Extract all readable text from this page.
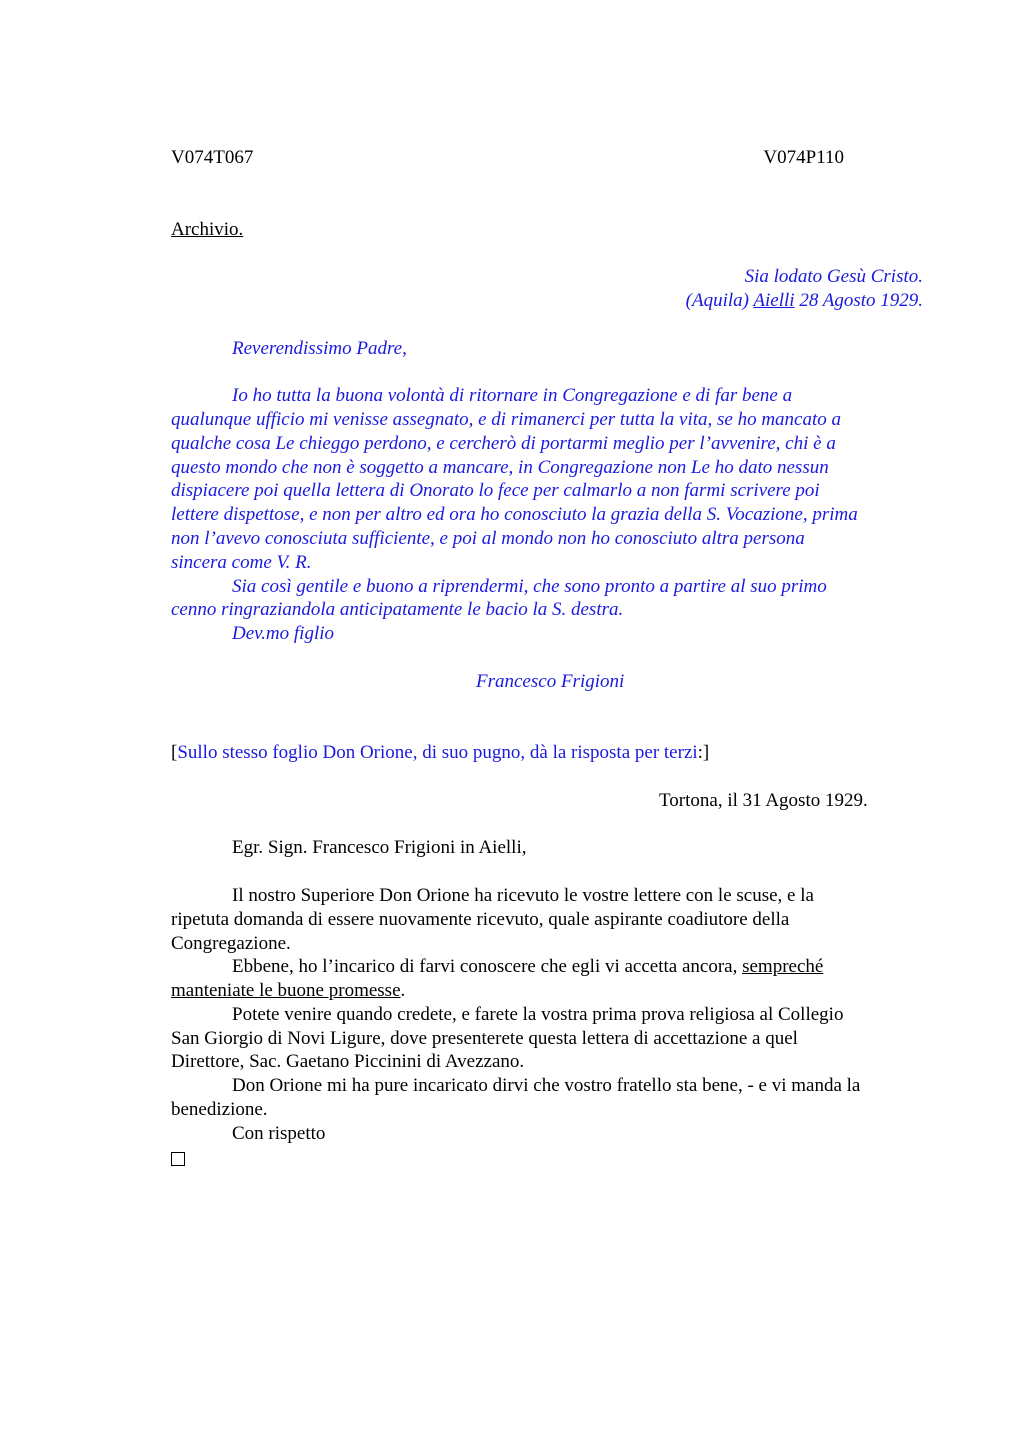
V074T067	V074P110
Archivio.
Sia lodato Gesù Cristo.
(Aquila) Aielli 28 Agosto 1929.
Reverendissimo Padre,
Io ho tutta la buona volontà di ritornare in Congregazione e di far bene a
qualunque ufficio mi venisse assegnato, e di rimanerci per tutta la vita, se ho mancato a
qualche cosa Le chieggo perdono, e cercherò di portarmi meglio per l’avvenire, chi è a
questo mondo che non è soggetto a mancare, in Congregazione non Le ho dato nessun
dispiacere poi quella lettera di Onorato lo fece per calmarlo a non farmi scrivere poi
lettere dispettose, e non per altro ed ora ho conosciuto la grazia della S. Vocazione, prima
non l’avevo conosciuta sufficiente, e poi al mondo non ho conosciuto altra persona
sincera come V. R.
Sia così gentile e buono a riprendermi, che sono pronto a partire al suo primo
cenno ringraziandola anticipatamente le bacio la S. destra.
Dev.mo figlio
Francesco Frigioni
[Sullo stesso foglio Don Orione, di suo pugno, dà la risposta per terzi:]
Tortona, il 31 Agosto 1929.
Egr. Sign. Francesco Frigioni in Aielli,
Il nostro Superiore Don Orione ha ricevuto le vostre lettere con le scuse, e la
ripetuta domanda di essere nuovamente ricevuto, quale aspirante coadiutore della
Congregazione.
Ebbene, ho l’incarico di farvi conoscere che egli vi accetta ancora, sempreché
manteniate le buone promesse.
Potete venire quando credete, e farete la vostra prima prova religiosa al Collegio
San Giorgio di Novi Ligure, dove presenterete questa lettera di accettazione a quel
Direttore, Sac. Gaetano Piccinini di Avezzano.
Don Orione mi ha pure incaricato dirvi che vostro fratello sta bene, - e vi manda la
benedizione.
Con rispetto
